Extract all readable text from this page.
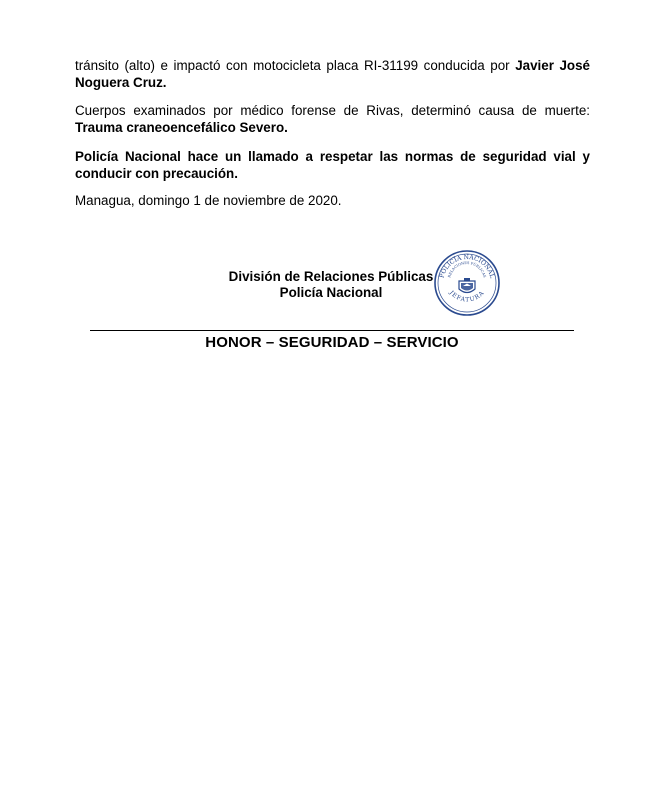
tránsito (alto) e impactó con motocicleta placa RI-31199 conducida por Javier José
Noguera Cruz.

Cuerpos examinados por médico forense de Rivas, determinó causa de muerte:
Trauma craneoencefálico Severo.

Policía Nacional hace un llamado a respetar las normas de seguridad vial y
conducir con precaución.

Managua, domingo 1 de noviembre de 2020.

División de Relaciones Públicas
Policía Nacional
POLICÍA NACIONAL
RELACIONES PÚBLICAS
JEFATURA
HONOR – SEGURIDAD – SERVICIO
